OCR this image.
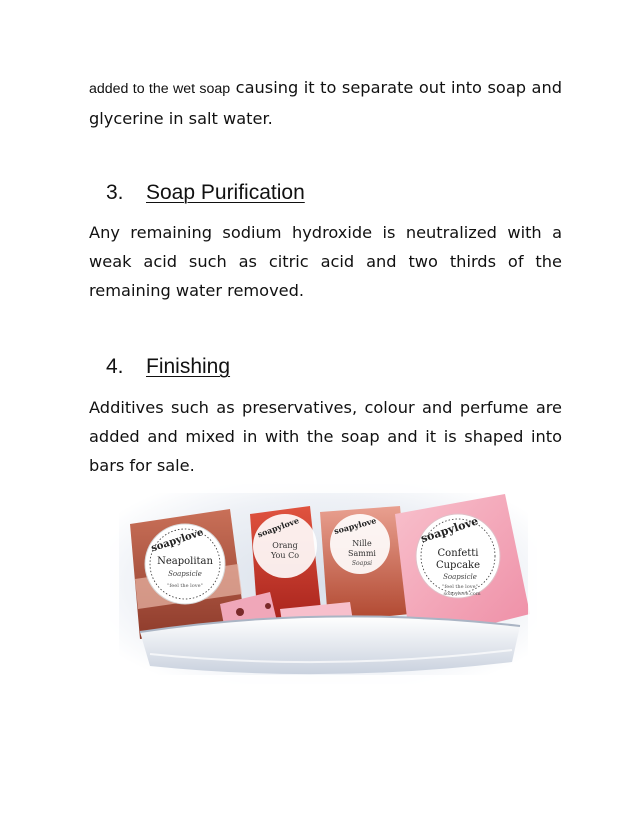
added to the wet soap causing it to separate out into soap and glycerine in salt water.
3. Soap Purification
Any remaining sodium hydroxide is neutralized with a weak acid such as citric acid and two thirds of the remaining water removed.
4. Finishing
Additives such as preservatives, colour and perfume are added and mixed in with the soap and it is shaped into bars for sale.
soapylove
Neapolitan
Soapsicle
"feel the love"
soapylove
Orang
You Co
soapylove
Nille
Sammi
Soapsi
soapylove
Confetti
Cupcake
Soapsicle
"feel the love"
soapylove.com
